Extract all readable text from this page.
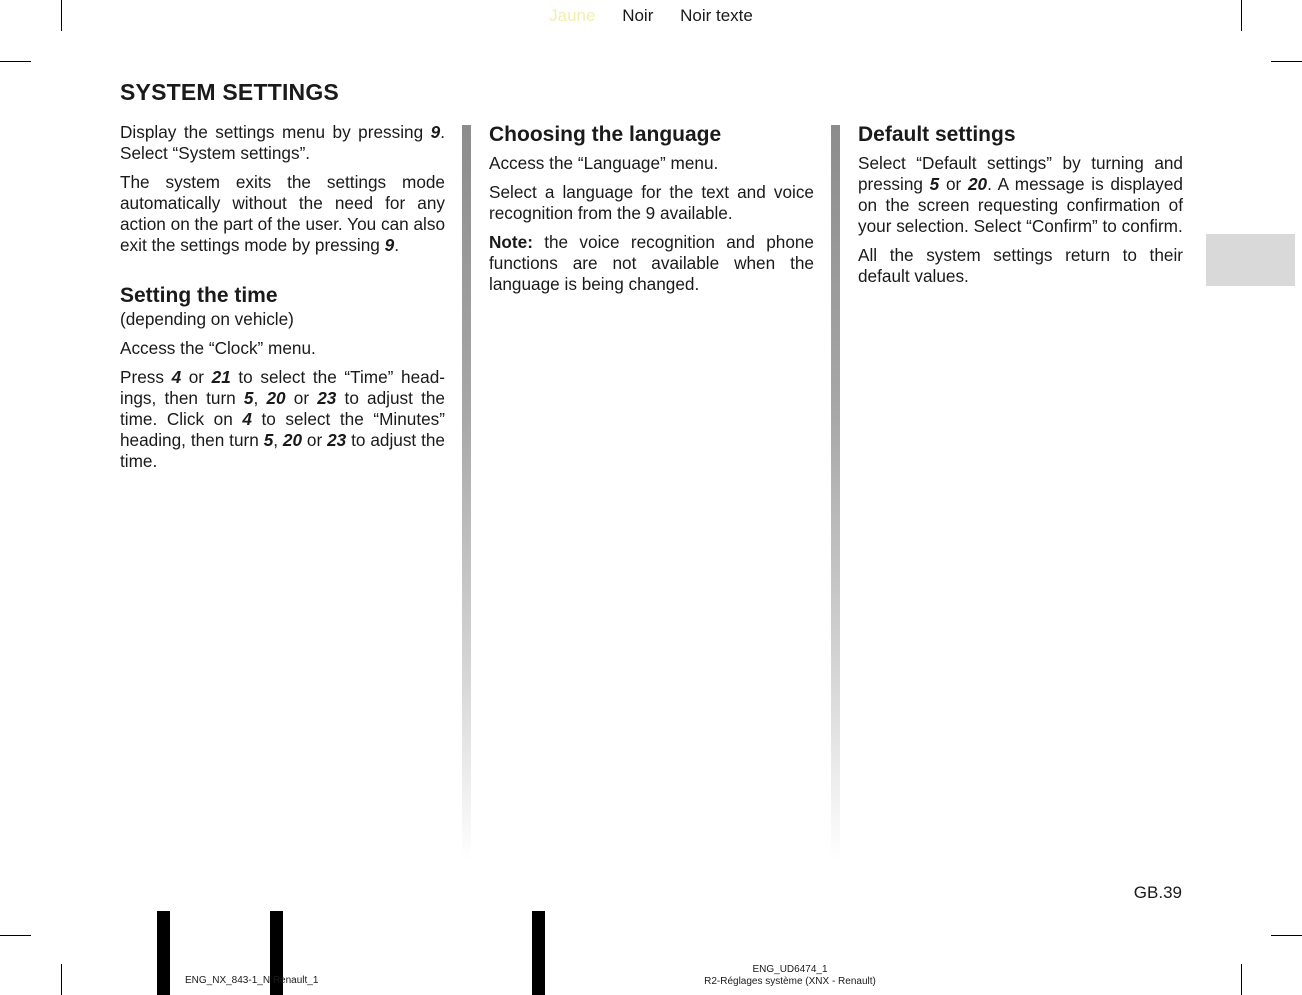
Jaune Noir Noir texte
SYSTEM SETTINGS

Display the settings menu by pressing 9. Select “System settings”.

The system exits the settings mode automatically without the need for any action on the part of the user. You can also exit the settings mode by pressing 9.

Setting the time

(depending on vehicle)

Access the “Clock” menu.

Press 4 or 21 to select the “Time” headings, then turn 5, 20 or 23 to adjust the time. Click on 4 to select the “Minutes” heading, then turn 5, 20 or 23 to adjust the time.

Choosing the language

Access the “Language” menu.

Select a language for the text and voice recognition from the 9 available.

Note: the voice recognition and phone functions are not available when the language is being changed.

Default settings

Select “Default settings” by turning and pressing 5 or 20. A message is displayed on the screen requesting confirmation of your selection. Select “Confirm” to confirm.

All the system settings return to their default values.

GB.39
ENG_NX_843-1_N Renault_1
ENG_UD6474_1
R2-Réglages système (XNX - Renault)
